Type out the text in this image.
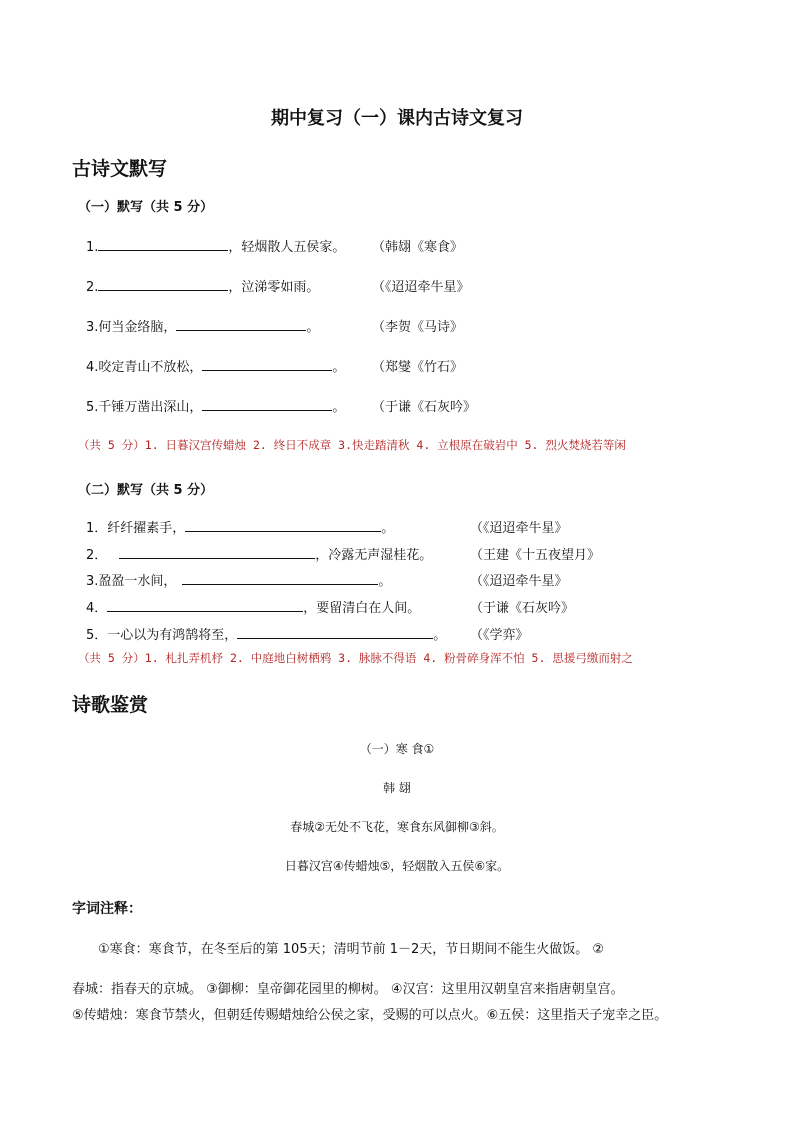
期中复习（一）课内古诗文复习
古诗文默写
（一）默写（共 5 分）
1.	，轻烟散人五侯家。 （韩翃《寒食》
2.	，泣涕零如雨。	（《迢迢牵牛星》
3.何当金络脑，	。	（李贺《马诗》
4.咬定青山不放松，	。 （郑燮《竹石》
5.千锤万凿出深山，	。 （于谦《石灰吟》
（共 5 分）1. 日暮汉宫传蜡烛 2. 终日不成章 3.快走踏清秋 4. 立根原在破岩中 5. 烈火焚烧若等闲
（二）默写（共 5 分）
1．纤纤擢素手，	。	（《迢迢牵牛星》
2．	，冷露无声湿桂花。	（王建《十五夜望月》
3.盈盈一水间，	。	（《迢迢牵牛星》
4．	，要留清白在人间。	（于谦《石灰吟》
5．一心以为有鸿鹄将至，	。 （《学弈》
（共 5 分）1. 札扎弄机杼 2. 中庭地白树栖鸦 3. 脉脉不得语 4. 粉骨碎身浑不怕 5. 思援弓缴而射之
诗歌鉴赏
（一）寒 食①
韩 翃
春城②无处不飞花，寒食东风御柳③斜。
日暮汉宫④传蜡烛⑤，轻烟散入五侯⑥家。
字词注释：
①寒食：寒食节，在冬至后的第 105天；清明节前 1－2天，节日期间不能生火做饭。 ②
春城：指春天的京城。 ③御柳：皇帝御花园里的柳树。 ④汉宫：这里用汉朝皇宫来指唐朝皇宫。
⑤传蜡烛：寒食节禁火，但朝廷传赐蜡烛给公侯之家，受赐的可以点火。⑥五侯：这里指天子宠幸之臣。
